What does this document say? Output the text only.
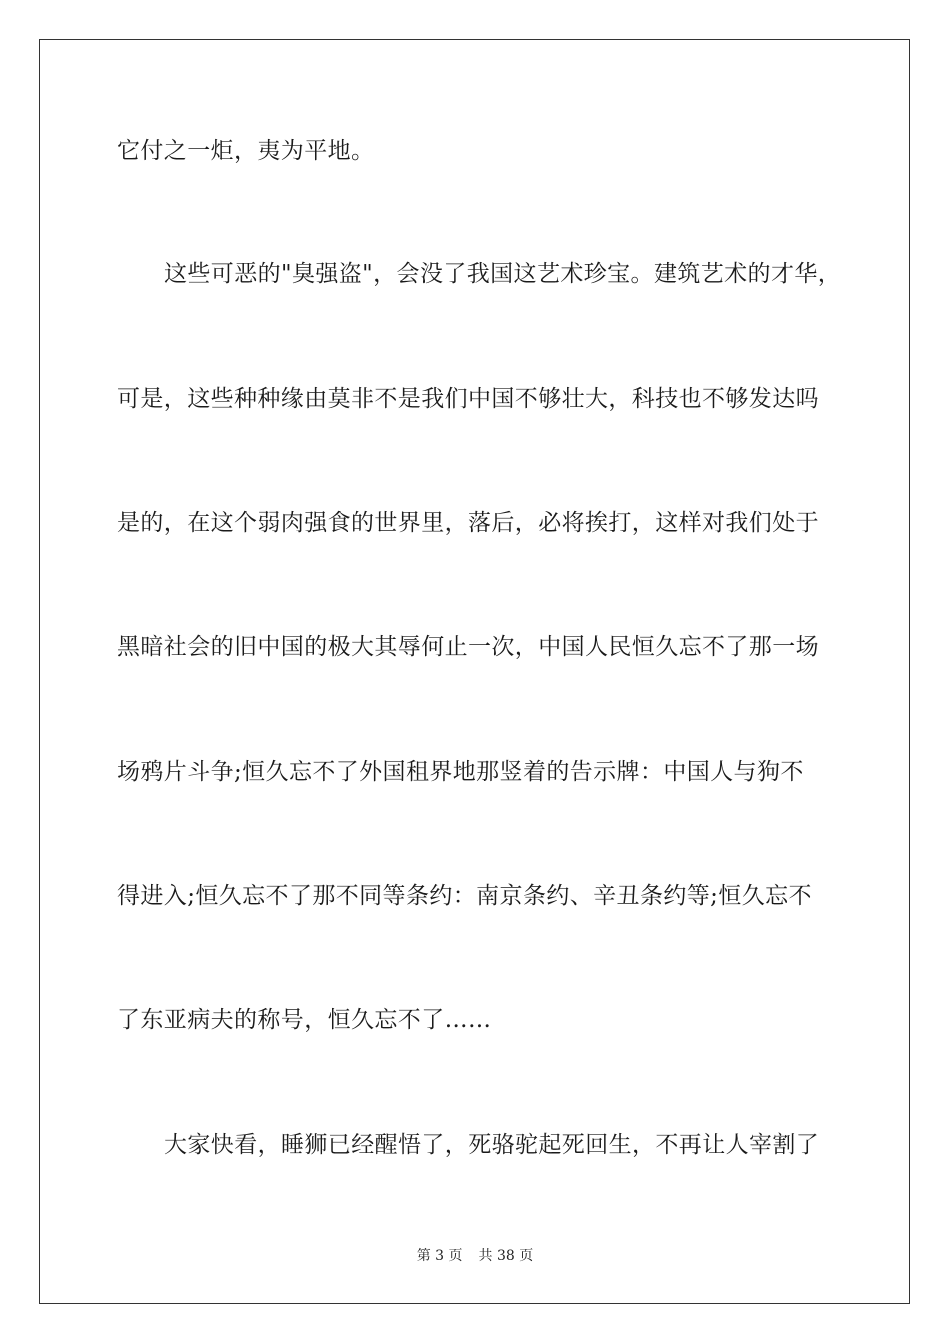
它付之一炬，夷为平地。
这些可恶的"臭强盗"，会没了我国这艺术珍宝。建筑艺术的才华，
可是，这些种种缘由莫非不是我们中国不够壮大，科技也不够发达吗
是的，在这个弱肉强食的世界里，落后，必将挨打，这样对我们处于
黑暗社会的旧中国的极大其辱何止一次，中国人民恒久忘不了那一场
场鸦片斗争;恒久忘不了外国租界地那竖着的告示牌：中国人与狗不
得进入;恒久忘不了那不同等条约：南京条约、辛丑条约等;恒久忘不
了东亚病夫的称号，恒久忘不了……
大家快看，睡狮已经醒悟了，死骆驼起死回生，不再让人宰割了
第 3 页 共 38 页
